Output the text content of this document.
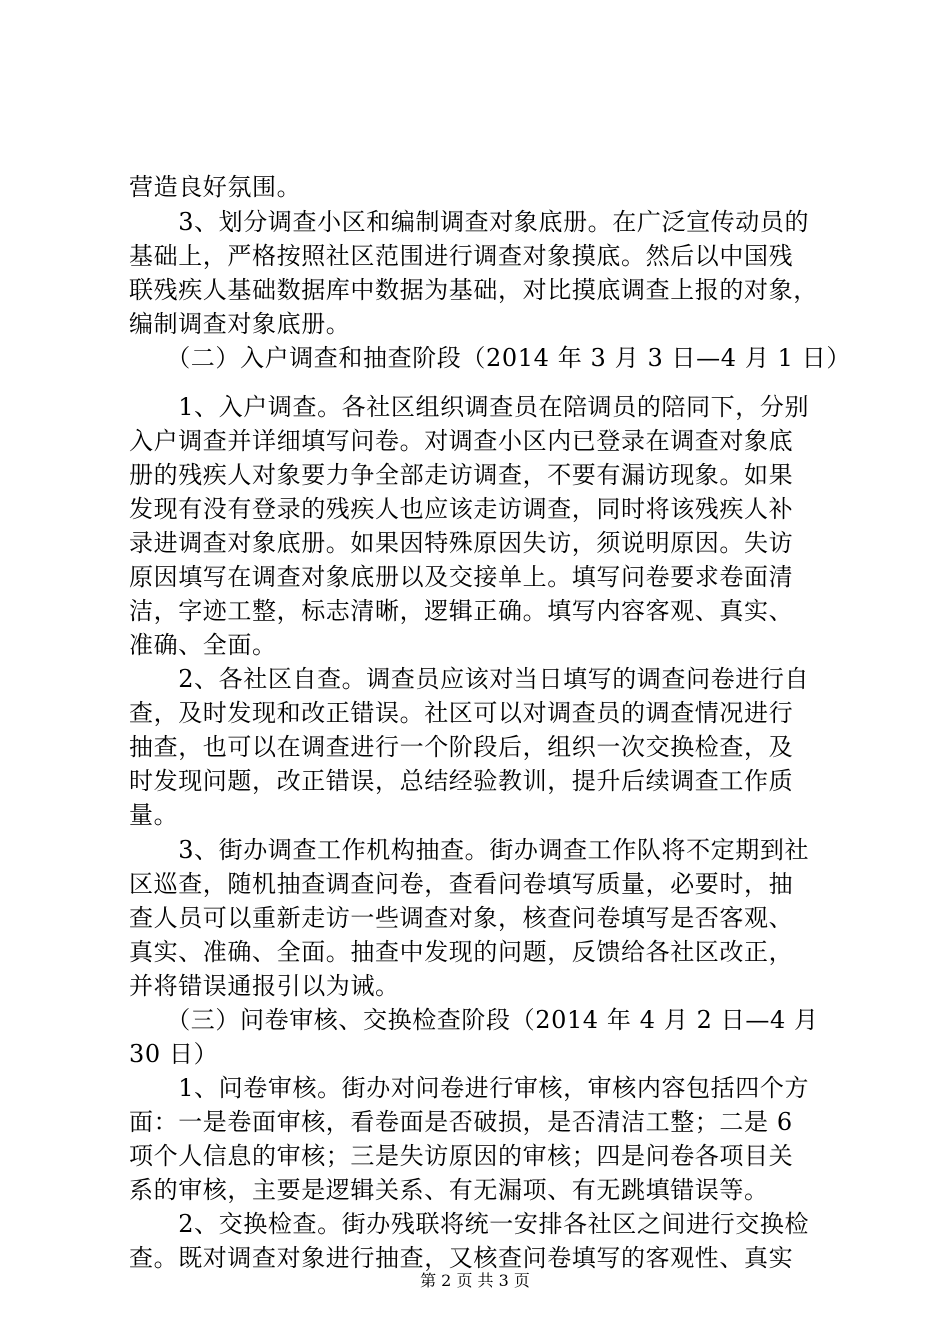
营造良好氛围。
　　3、划分调查小区和编制调查对象底册。在广泛宣传动员的
基础上，严格按照社区范围进行调查对象摸底。然后以中国残
联残疾人基础数据库中数据为基础，对比摸底调查上报的对象，
编制调查对象底册。
　　（二）入户调查和抽查阶段（2014 年 3 月 3 日—4 月 1 日）
　　1、入户调查。各社区组织调查员在陪调员的陪同下，分别
入户调查并详细填写问卷。对调查小区内已登录在调查对象底
册的残疾人对象要力争全部走访调查，不要有漏访现象。如果
发现有没有登录的残疾人也应该走访调查，同时将该残疾人补
录进调查对象底册。如果因特殊原因失访，须说明原因。失访
原因填写在调查对象底册以及交接单上。填写问卷要求卷面清
洁，字迹工整，标志清晰，逻辑正确。填写内容客观、真实、
准确、全面。
　　2、各社区自查。调查员应该对当日填写的调查问卷进行自
查，及时发现和改正错误。社区可以对调查员的调查情况进行
抽查，也可以在调查进行一个阶段后，组织一次交换检查，及
时发现问题，改正错误，总结经验教训，提升后续调查工作质
量。
　　3、街办调查工作机构抽查。街办调查工作队将不定期到社
区巡查，随机抽查调查问卷，查看问卷填写质量，必要时，抽
查人员可以重新走访一些调查对象，核查问卷填写是否客观、
真实、准确、全面。抽查中发现的问题，反馈给各社区改正，
并将错误通报引以为诫。
　　（三）问卷审核、交换检查阶段（2014 年 4 月 2 日—4 月
30 日）
　　1、问卷审核。街办对问卷进行审核，审核内容包括四个方
面：一是卷面审核，看卷面是否破损，是否清洁工整；二是 6
项个人信息的审核；三是失访原因的审核；四是问卷各项目关
系的审核，主要是逻辑关系、有无漏项、有无跳填错误等。
　　2、交换检查。街办残联将统一安排各社区之间进行交换检
查。既对调查对象进行抽查，又核查问卷填写的客观性、真实
第 2 页 共 3 页
